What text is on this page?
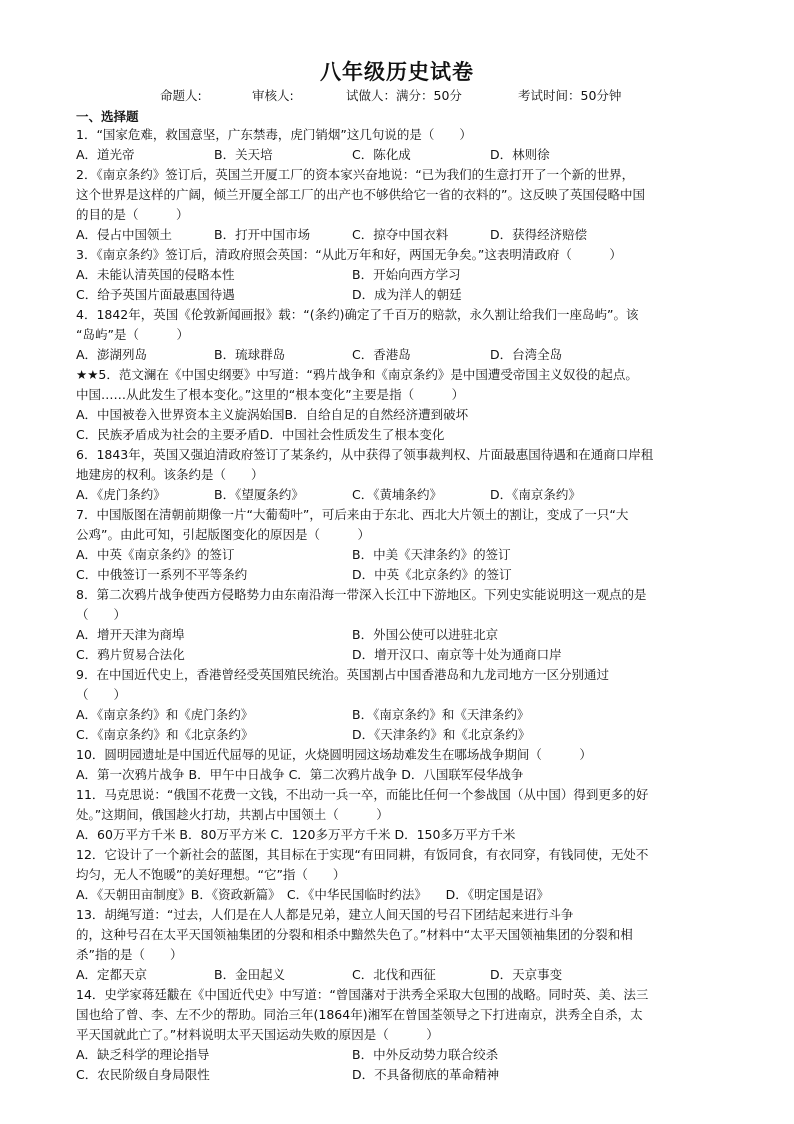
八年级历史试卷
命题人:	审核人:	试做人：满分：50分	考试时间：50分钟
一、选择题
1．“国家危难，救国意坚，广东禁毒，虎门销烟”这几句说的是（　　）
A．道光帝	B．关天培	C．陈化成	D．林则徐
2．《南京条约》签订后，英国兰开厦工厂的资本家兴奋地说：“已为我们的生意打开了一个新的世界，
这个世界是这样的广阔，倾兰开厦全部工厂的出产也不够供给它一省的衣料的”。这反映了英国侵略中国
的目的是（　　　）
A．侵占中国领土	B．打开中国市场	C．掠夺中国衣料	D．获得经济赔偿
3．《南京条约》签订后，清政府照会英国：“从此万年和好，两国无争矣。”这表明清政府（　　　）
A．未能认清英国的侵略本性	B．开始向西方学习
C．给予英国片面最惠国待遇	D．成为洋人的朝廷
4．1842年，英国《伦敦新闻画报》载：“(条约)确定了千百万的赔款，永久割让给我们一座岛屿”。该
“岛屿”是（　　　）
A．澎湖列岛	B．琉球群岛	C．香港岛	D．台湾全岛
★★5．范文澜在《中国史纲要》中写道：“鸦片战争和《南京条约》是中国遭受帝国主义奴役的起点。
中国……从此发生了根本变化。”这里的“根本变化”主要是指（　　　）
A．中国被卷入世界资本主义旋涡始国B．自给自足的自然经济遭到破坏
C．民族矛盾成为社会的主要矛盾D．中国社会性质发生了根本变化
6．1843年，英国又强迫清政府签订了某条约，从中获得了领事裁判权、片面最惠国待遇和在通商口岸租
地建房的权利。该条约是（　　）
A．《虎门条约》	B．《望厦条约》	C．《黄埔条约》	D．《南京条约》
7．中国版图在清朝前期像一片“大葡萄叶”，可后来由于东北、西北大片领土的割让，变成了一只“大
公鸡”。由此可知，引起版图变化的原因是（　　　）
A．中英《南京条约》的签订	B．中美《天津条约》的签订
C．中俄签订一系列不平等条约	D．中英《北京条约》的签订
8．第二次鸦片战争使西方侵略势力由东南沿海一带深入长江中下游地区。下列史实能说明这一观点的是
（　　）
A．增开天津为商埠	B．外国公使可以进驻北京
C．鸦片贸易合法化	D．增开汉口、南京等十处为通商口岸
9．在中国近代史上，香港曾经受英国殖民统治。英国割占中国香港岛和九龙司地方一区分别通过
（　　）
A．《南京条约》和《虎门条约》	B．《南京条约》和《天津条约》
C．《南京条约》和《北京条约》	D．《天津条约》和《北京条约》
10．圆明园遗址是中国近代屈辱的见证，火烧圆明园这场劫难发生在哪场战争期间（　　　）
A．第一次鸦片战争 B．甲午中日战争 C．第二次鸦片战争 D．八国联军侵华战争
11．马克思说：“俄国不花费一文钱，不出动一兵一卒，而能比任何一个参战国（从中国）得到更多的好
处。”这期间，俄国趁火打劫，共割占中国领土（　　　）
A．60万平方千米 B．80万平方米 C．120多万平方千米 D．150多万平方千米
12．它设计了一个新社会的蓝图，其目标在于实现“有田同耕，有饭同食，有衣同穿，有钱同使，无处不
均匀，无人不饱暖”的美好理想。“它”指（　　）
A．《天朝田亩制度》B．《资政新篇》　C．《中华民国临时约法》　　D．《明定国是诏》
13．胡绳写道：“过去，人们是在人人都是兄弟，建立人间天国的号召下团结起来进行斗争
的，这种号召在太平天国领袖集团的分裂和相杀中黯然失色了。”材料中“太平天国领袖集团的分裂和相
杀”指的是（　　）
A．定都天京	B．金田起义	C．北伐和西征	D．天京事变
14．史学家蒋廷黻在《中国近代史》中写道：“曾国藩对于洪秀全采取大包围的战略。同时英、美、法三
国也给了曾、李、左不少的帮助。同治三年(1864年)湘军在曾国荃领导之下打进南京，洪秀全自杀，太
平天国就此亡了。”材料说明太平天国运动失败的原因是（　　　）
A．缺乏科学的理论指导	B．中外反动势力联合绞杀
C．农民阶级自身局限性	D．不具备彻底的革命精神
